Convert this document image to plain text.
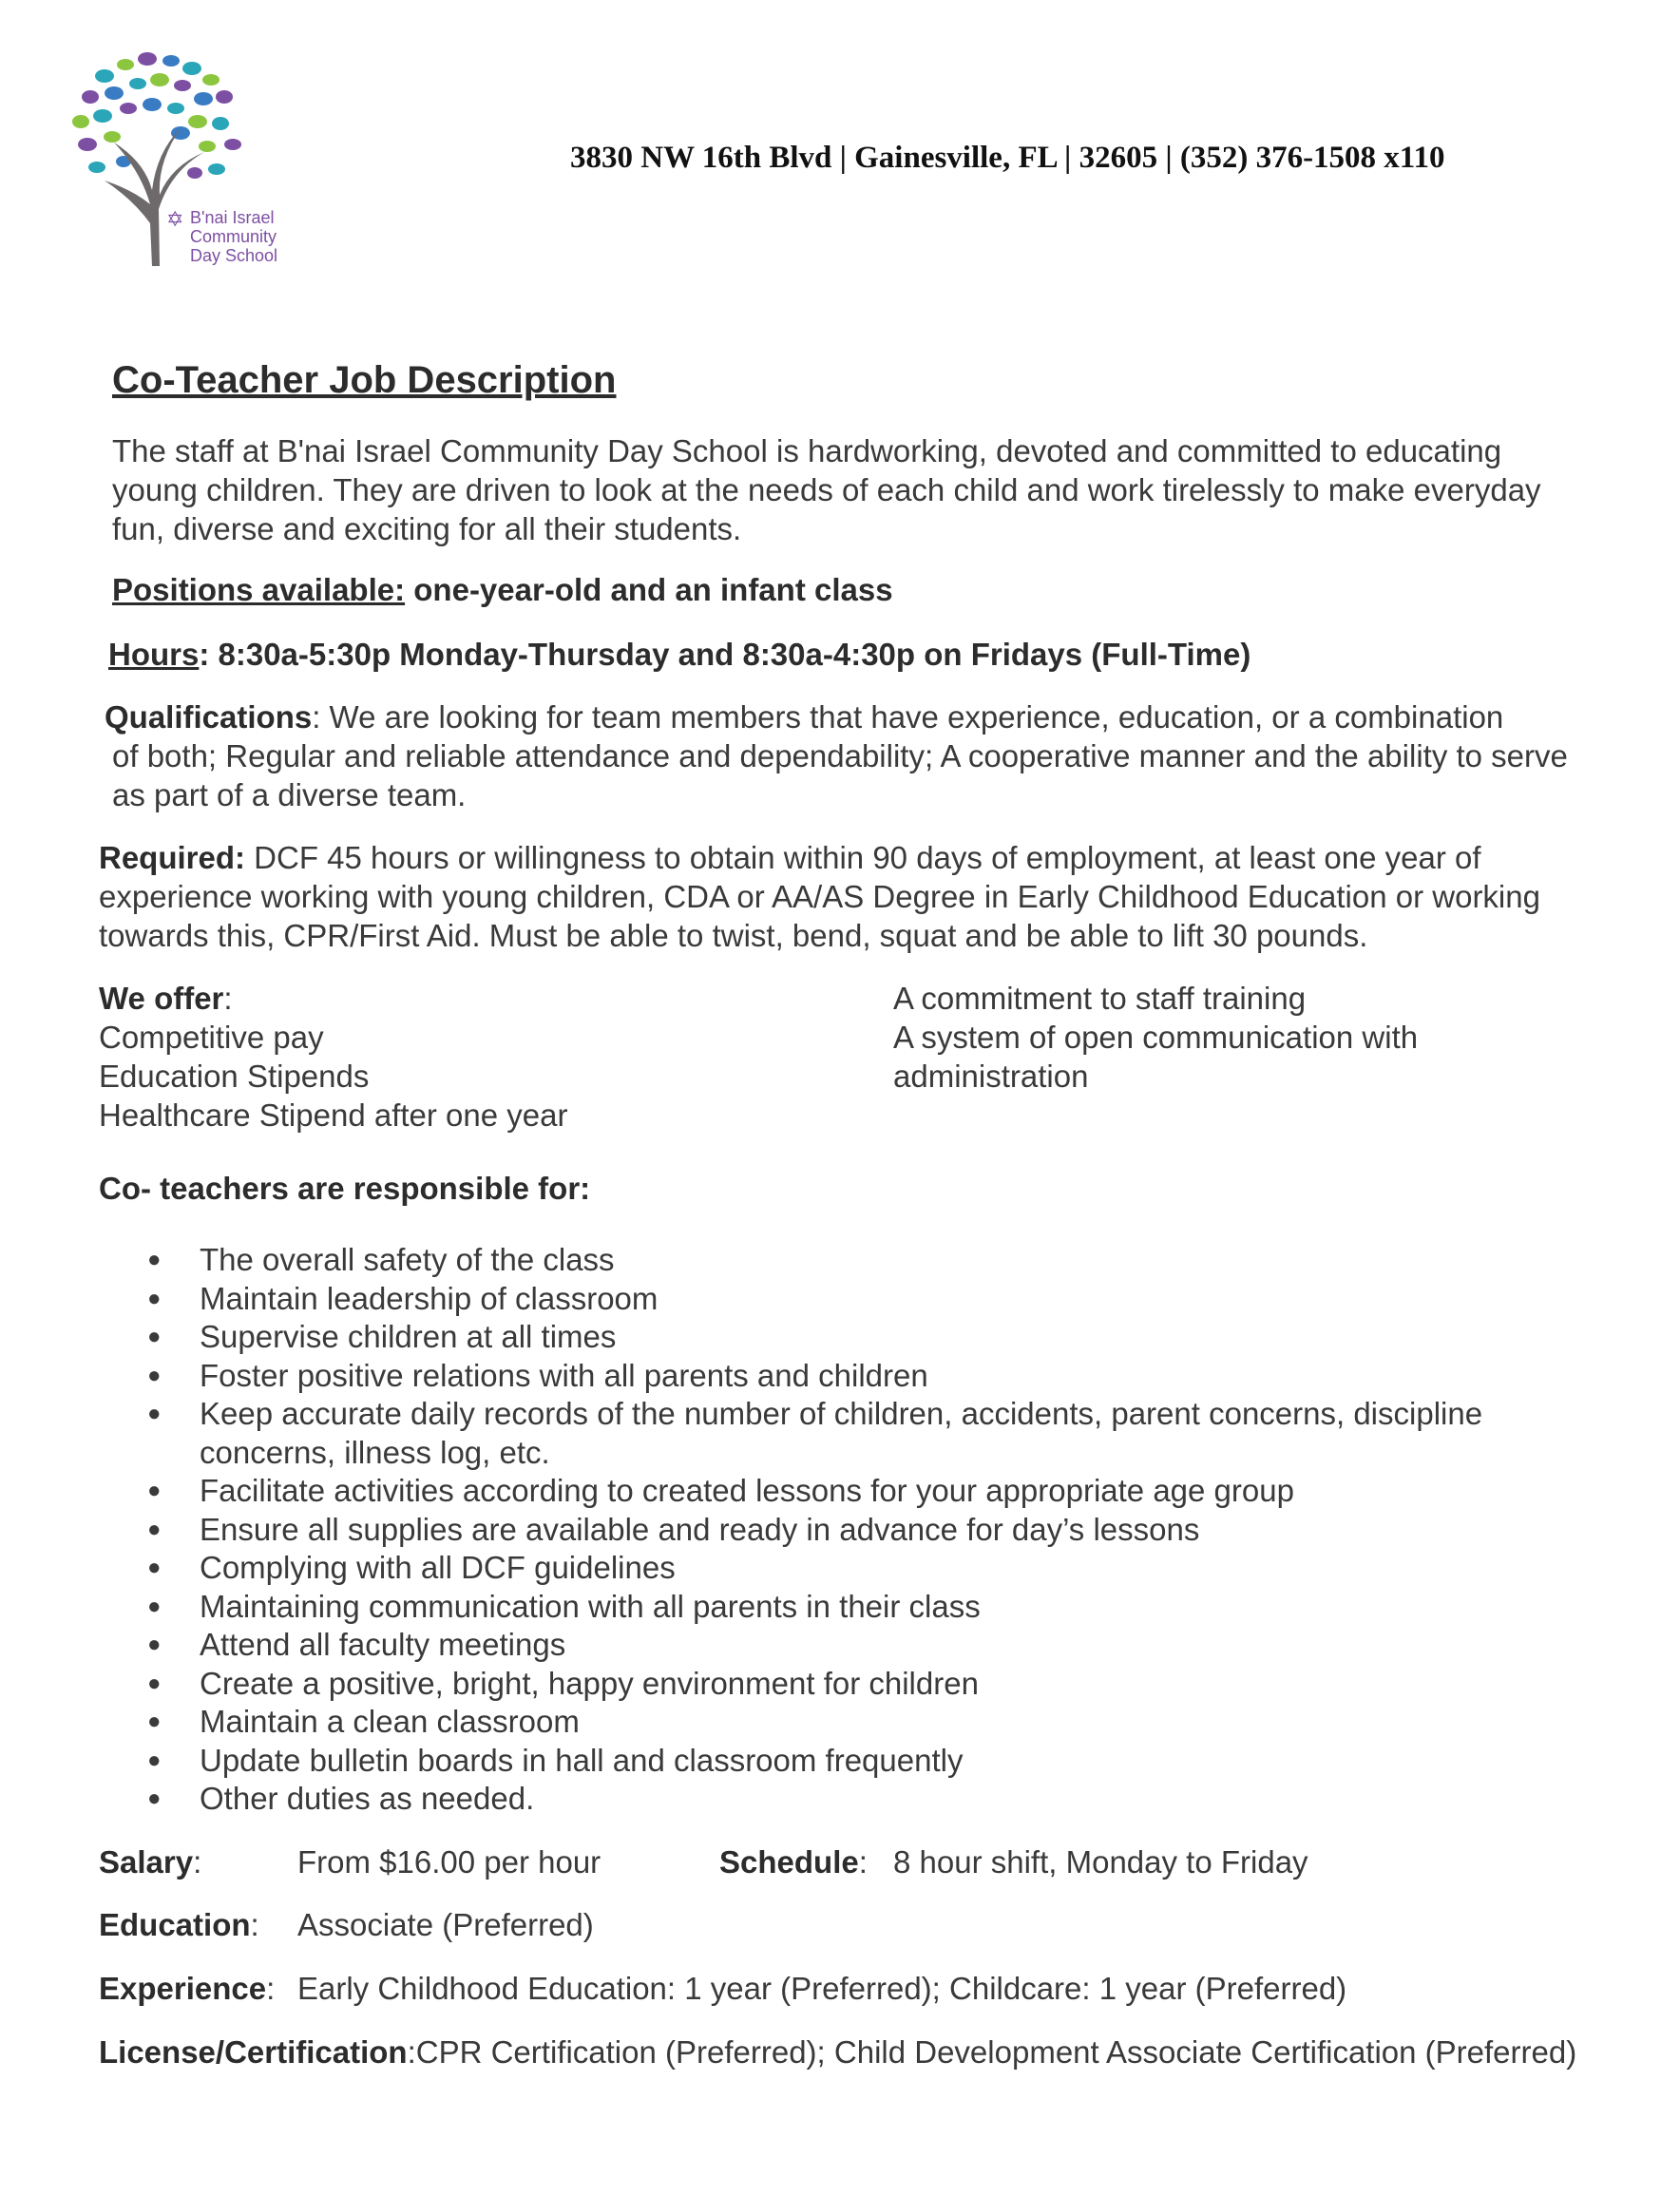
✡ B'nai Israel
Community
Day School
3830 NW 16th Blvd | Gainesville, FL | 32605 | (352) 376-1508 x110
Co-Teacher Job Description
The staff at B'nai Israel Community Day School is hardworking, devoted and committed to educating young children. They are driven to look at the needs of each child and work tirelessly to make everyday fun, diverse and exciting for all their students.
Positions available: one-year-old and an infant class
Hours: 8:30a-5:30p Monday-Thursday and 8:30a-4:30p on Fridays (Full-Time)
Qualifications: We are looking for team members that have experience, education, or a combination
of both; Regular and reliable attendance and dependability; A cooperative manner and the ability to serve as part of a diverse team.
Required: DCF 45 hours or willingness to obtain within 90 days of employment, at least one year of experience working with young children, CDA or AA/AS Degree in Early Childhood Education or working towards this, CPR/First Aid. Must be able to twist, bend, squat and be able to lift 30 pounds.
We offer:
Competitive pay
Education Stipends
Healthcare Stipend after one year
A commitment to staff training
A system of open communication with administration
Co- teachers are responsible for:
● The overall safety of the class
● Maintain leadership of classroom
● Supervise children at all times
● Foster positive relations with all parents and children
● Keep accurate daily records of the number of children, accidents, parent concerns, discipline concerns, illness log, etc.
● Facilitate activities according to created lessons for your appropriate age group
● Ensure all supplies are available and ready in advance for day’s lessons
● Complying with all DCF guidelines
● Maintaining communication with all parents in their class
● Attend all faculty meetings
● Create a positive, bright, happy environment for children
● Maintain a clean classroom
● Update bulletin boards in hall and classroom frequently
● Other duties as needed.
Salary:	From $16.00 per hour	Schedule: 8 hour shift, Monday to Friday
Education: Associate (Preferred)
Experience: Early Childhood Education: 1 year (Preferred); Childcare: 1 year (Preferred)
License/Certification:CPR Certification (Preferred); Child Development Associate Certification (Preferred)
